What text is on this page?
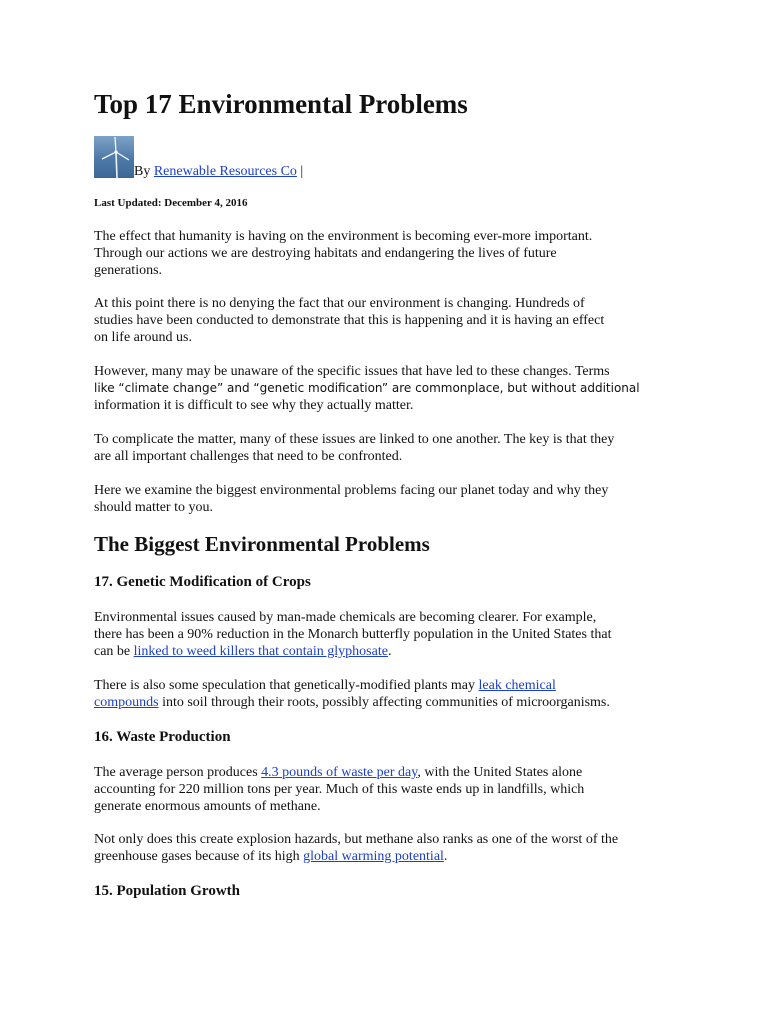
Top 17 Environmental Problems
By Renewable Resources Co |
Last Updated: December 4, 2016

The effect that humanity is having on the environment is becoming ever-more important.
Through our actions we are destroying habitats and endangering the lives of future
generations.

At this point there is no denying the fact that our environment is changing. Hundreds of
studies have been conducted to demonstrate that this is happening and it is having an effect
on life around us.

However, many may be unaware of the specific issues that have led to these changes. Terms
like “climate change” and “genetic modification” are commonplace, but without additional
information it is difficult to see why they actually matter.

To complicate the matter, many of these issues are linked to one another. The key is that they
are all important challenges that need to be confronted.

Here we examine the biggest environmental problems facing our planet today and why they
should matter to you.

The Biggest Environmental Problems
17. Genetic Modification of Crops

Environmental issues caused by man-made chemicals are becoming clearer. For example,
there has been a 90% reduction in the Monarch butterfly population in the United States that
can be linked to weed killers that contain glyphosate.

There is also some speculation that genetically-modified plants may leak chemical
compounds into soil through their roots, possibly affecting communities of microorganisms.

16. Waste Production

The average person produces 4.3 pounds of waste per day, with the United States alone
accounting for 220 million tons per year. Much of this waste ends up in landfills, which
generate enormous amounts of methane.

Not only does this create explosion hazards, but methane also ranks as one of the worst of the
greenhouse gases because of its high global warming potential.

15. Population Growth
